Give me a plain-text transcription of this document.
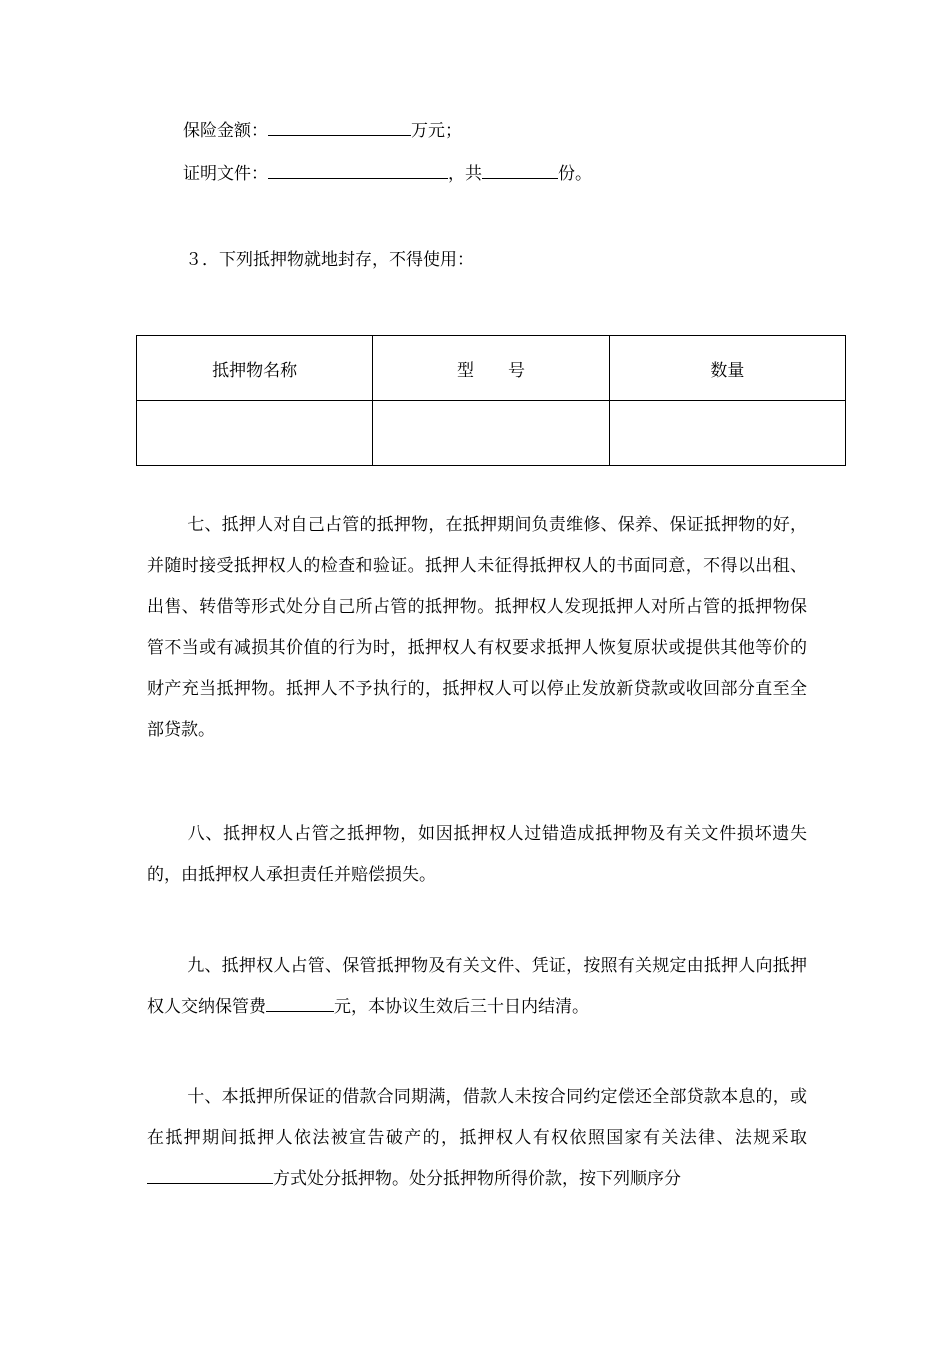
保险金额：	万元；
证明文件：	，共	份。
３．下列抵押物就地封存，不得使用：
抵押物名称	型　　号	数量

七、抵押人对自己占管的抵押物，在抵押期间负责维修、保养、保证抵押物的好，并随时接受抵押权人的检查和验证。抵押人未征得抵押权人的书面同意，不得以出租、出售、转借等形式处分自己所占管的抵押物。抵押权人发现抵押人对所占管的抵押物保管不当或有减损其价值的行为时，抵押权人有权要求抵押人恢复原状或提供其他等价的财产充当抵押物。抵押人不予执行的，抵押权人可以停止发放新贷款或收回部分直至全部贷款。

八、抵押权人占管之抵押物，如因抵押权人过错造成抵押物及有关文件损坏遗失的，由抵押权人承担责任并赔偿损失。

九、抵押权人占管、保管抵押物及有关文件、凭证，按照有关规定由抵押人向抵押权人交纳保管费	元，本协议生效后三十日内结清。

十、本抵押所保证的借款合同期满，借款人未按合同约定偿还全部贷款本息的，或在抵押期间抵押人依法被宣告破产的，抵押权人有权依照国家有关法律、法规采取方式处分抵押物。处分抵押物所得价款，按下列顺序分
